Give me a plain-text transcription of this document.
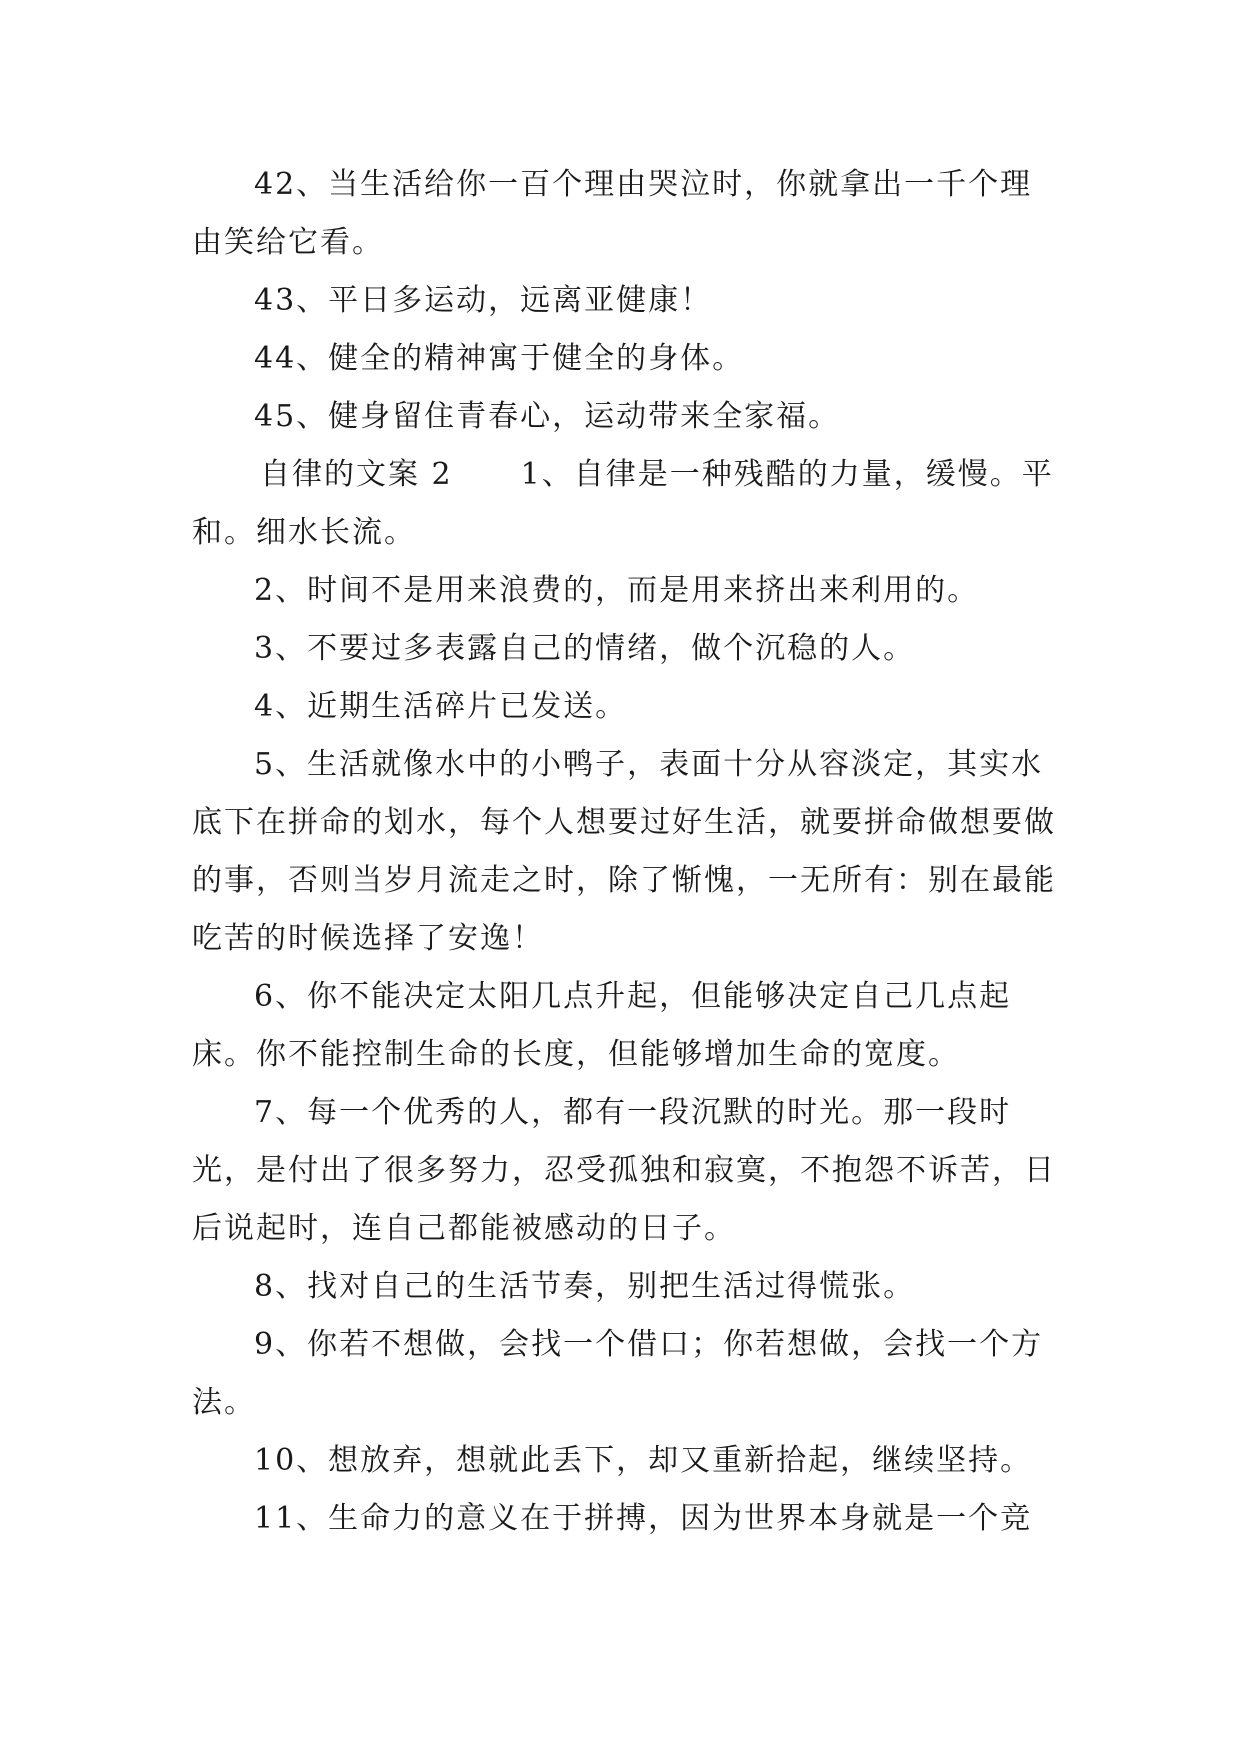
42、当生活给你一百个理由哭泣时，你就拿出一千个理由笑给它看。

43、平日多运动，远离亚健康！

44、健全的精神寓于健全的身体。

45、健身留住青春心，运动带来全家福。

自律的文案 2 1、自律是一种残酷的力量，缓慢。平和。细水长流。

2、时间不是用来浪费的，而是用来挤出来利用的。

3、不要过多表露自己的情绪，做个沉稳的人。

4、近期生活碎片已发送。

5、生活就像水中的小鸭子，表面十分从容淡定，其实水底下在拼命的划水，每个人想要过好生活，就要拼命做想要做的事，否则当岁月流走之时，除了惭愧，一无所有：别在最能吃苦的时候选择了安逸！

6、你不能决定太阳几点升起，但能够决定自己几点起床。你不能控制生命的长度，但能够增加生命的宽度。

7、每一个优秀的人，都有一段沉默的时光。那一段时光，是付出了很多努力，忍受孤独和寂寞，不抱怨不诉苦，日后说起时，连自己都能被感动的日子。

8、找对自己的生活节奏，别把生活过得慌张。

9、你若不想做，会找一个借口；你若想做，会找一个方法。

10、想放弃，想就此丢下，却又重新拾起，继续坚持。

11、生命力的意义在于拼搏，因为世界本身就是一个竞
